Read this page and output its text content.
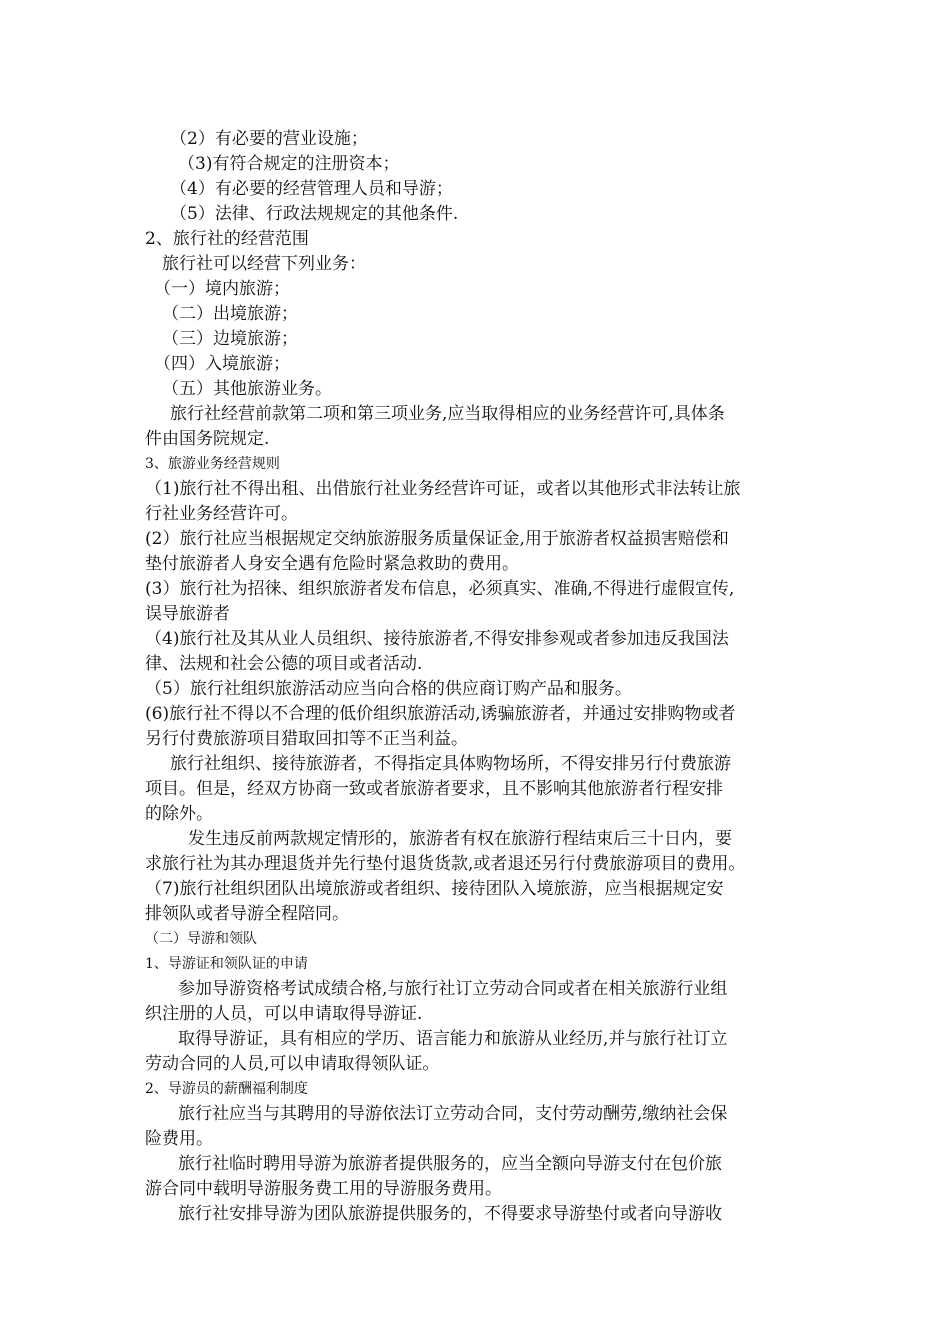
（2）有必要的营业设施；
（3)有符合规定的注册资本；
（4）有必要的经营管理人员和导游；
（5）法律、行政法规规定的其他条件.
2、旅行社的经营范围
旅行社可以经营下列业务：
（一）境内旅游；
（二）出境旅游；
（三）边境旅游；
（四）入境旅游；
（五）其他旅游业务。
旅行社经营前款第二项和第三项业务,应当取得相应的业务经营许可,具体条
件由国务院规定.
3、旅游业务经营规则
（1)旅行社不得出租、出借旅行社业务经营许可证，或者以其他形式非法转让旅
行社业务经营许可。
(2）旅行社应当根据规定交纳旅游服务质量保证金,用于旅游者权益损害赔偿和
垫付旅游者人身安全遇有危险时紧急救助的费用。
(3）旅行社为招徕、组织旅游者发布信息，必须真实、准确,不得进行虚假宣传,
误导旅游者
（4)旅行社及其从业人员组织、接待旅游者,不得安排参观或者参加违反我国法
律、法规和社会公德的项目或者活动.
（5）旅行社组织旅游活动应当向合格的供应商订购产品和服务。
(6)旅行社不得以不合理的低价组织旅游活动,诱骗旅游者，并通过安排购物或者
另行付费旅游项目猎取回扣等不正当利益。
旅行社组织、接待旅游者，不得指定具体购物场所，不得安排另行付费旅游
项目。但是，经双方协商一致或者旅游者要求，且不影响其他旅游者行程安排
的除外。
发生违反前两款规定情形的，旅游者有权在旅游行程结束后三十日内，要
求旅行社为其办理退货并先行垫付退货货款,或者退还另行付费旅游项目的费用。
（7)旅行社组织团队出境旅游或者组织、接待团队入境旅游，应当根据规定安
排领队或者导游全程陪同。
（二）导游和领队
1、导游证和领队证的申请
参加导游资格考试成绩合格,与旅行社订立劳动合同或者在相关旅游行业组
织注册的人员，可以申请取得导游证.
取得导游证，具有相应的学历、语言能力和旅游从业经历,并与旅行社订立
劳动合同的人员,可以申请取得领队证。
2、导游员的薪酬福利制度
旅行社应当与其聘用的导游依法订立劳动合同，支付劳动酬劳,缴纳社会保
险费用。
旅行社临时聘用导游为旅游者提供服务的，应当全额向导游支付在包价旅
游合同中载明导游服务费工用的导游服务费用。
旅行社安排导游为团队旅游提供服务的，不得要求导游垫付或者向导游收
